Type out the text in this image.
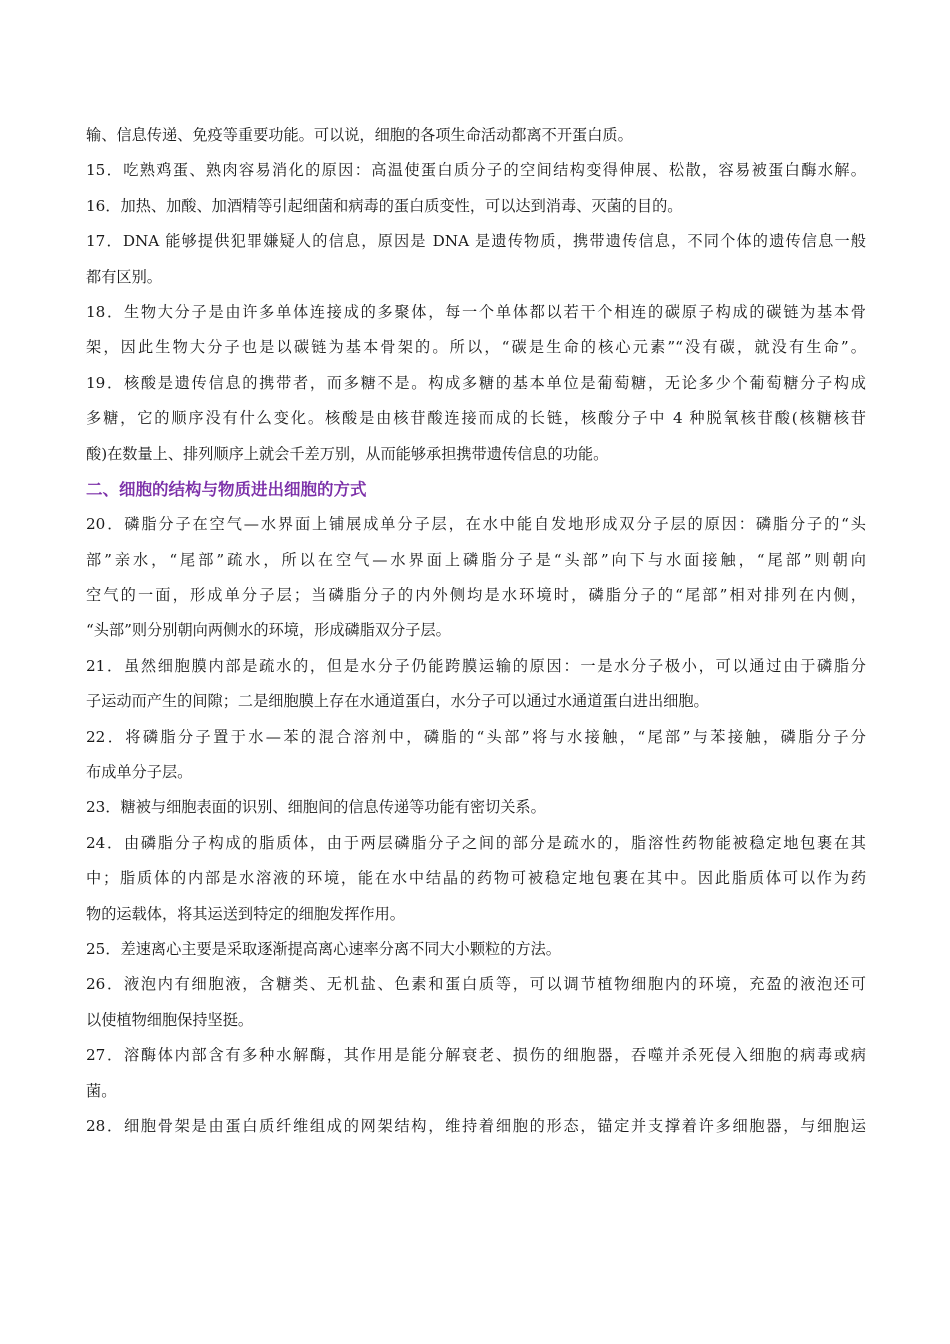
输、信息传递、免疫等重要功能。可以说，细胞的各项生命活动都离不开蛋白质。
15．吃熟鸡蛋、熟肉容易消化的原因：高温使蛋白质分子的空间结构变得伸展、松散，容易被蛋白酶水解。
16．加热、加酸、加酒精等引起细菌和病毒的蛋白质变性，可以达到消毒、灭菌的目的。
17．DNA 能够提供犯罪嫌疑人的信息，原因是 DNA 是遗传物质，携带遗传信息，不同个体的遗传信息一般
都有区别。
18．生物大分子是由许多单体连接成的多聚体，每一个单体都以若干个相连的碳原子构成的碳链为基本骨
架，因此生物大分子也是以碳链为基本骨架的。所以，“碳是生命的核心元素”“没有碳，就没有生命”。
19．核酸是遗传信息的携带者，而多糖不是。构成多糖的基本单位是葡萄糖，无论多少个葡萄糖分子构成
多糖，它的顺序没有什么变化。核酸是由核苷酸连接而成的长链，核酸分子中 4 种脱氧核苷酸(核糖核苷
酸)在数量上、排列顺序上就会千差万别，从而能够承担携带遗传信息的功能。
二、细胞的结构与物质进出细胞的方式
20．磷脂分子在空气—水界面上铺展成单分子层，在水中能自发地形成双分子层的原因：磷脂分子的“头
部”亲水，“尾部”疏水，所以在空气—水界面上磷脂分子是“头部”向下与水面接触，“尾部”则朝向
空气的一面，形成单分子层；当磷脂分子的内外侧均是水环境时，磷脂分子的“尾部”相对排列在内侧，
“头部”则分别朝向两侧水的环境，形成磷脂双分子层。
21．虽然细胞膜内部是疏水的，但是水分子仍能跨膜运输的原因：一是水分子极小，可以通过由于磷脂分
子运动而产生的间隙；二是细胞膜上存在水通道蛋白，水分子可以通过水通道蛋白进出细胞。
22．将磷脂分子置于水—苯的混合溶剂中，磷脂的“头部”将与水接触，“尾部”与苯接触，磷脂分子分
布成单分子层。
23．糖被与细胞表面的识别、细胞间的信息传递等功能有密切关系。
24．由磷脂分子构成的脂质体，由于两层磷脂分子之间的部分是疏水的，脂溶性药物能被稳定地包裹在其
中；脂质体的内部是水溶液的环境，能在水中结晶的药物可被稳定地包裹在其中。因此脂质体可以作为药
物的运载体，将其运送到特定的细胞发挥作用。
25．差速离心主要是采取逐渐提高离心速率分离不同大小颗粒的方法。
26．液泡内有细胞液，含糖类、无机盐、色素和蛋白质等，可以调节植物细胞内的环境，充盈的液泡还可
以使植物细胞保持坚挺。
27．溶酶体内部含有多种水解酶，其作用是能分解衰老、损伤的细胞器，吞噬并杀死侵入细胞的病毒或病
菌。
28．细胞骨架是由蛋白质纤维组成的网架结构，维持着细胞的形态，锚定并支撑着许多细胞器，与细胞运
